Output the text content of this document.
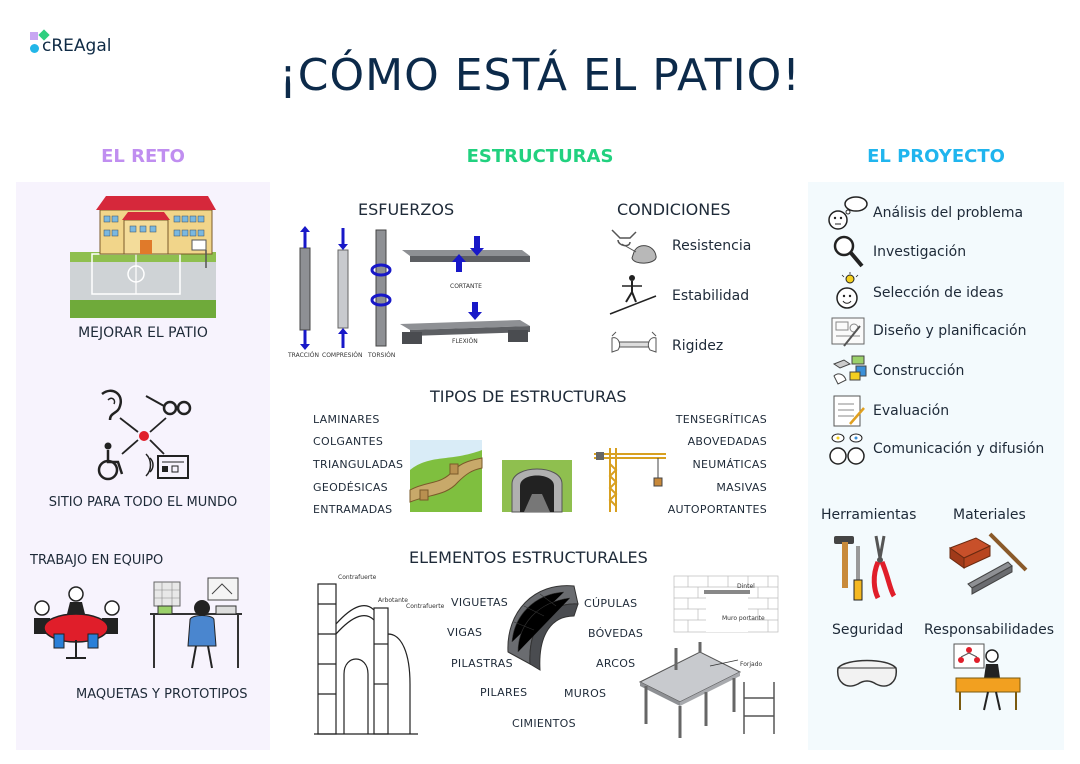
cREAgal
¡CÓMO ESTÁ EL PATIO!
EL RETO	ESTRUCTURAS	EL PROYECTO
MEJORAR EL PATIO
SITIO PARA TODO EL MUNDO
TRABAJO EN EQUIPO
MAQUETAS Y PROTOTIPOS
ESFUERZOS
TRACCIÓN COMPRESIÓN TORSIÓN
CORTANTE
FLEXIÓN
CONDICIONES
Resistencia
Estabilidad
Rigidez
TIPOS DE ESTRUCTURAS
LAMINARES
COLGANTES
TRIANGULADAS
GEODÉSICAS
ENTRAMADAS
TENSEGRÍTICAS
ABOVEDADAS
NEUMÁTICAS
MASIVAS
AUTOPORTANTES
ELEMENTOS ESTRUCTURALES
Contrafuerte
Arbotante
Contrafuerte VIGUETAS
VIGAS
PILASTRAS
PILARES
CÚPULAS
BÓVEDAS
ARCOS
MUROS
CIMIENTOS
Dintel
Muro portante
Forjado
Análisis del problema
Investigación
Selección de ideas
Diseño y planificación
Construcción
Evaluación
Comunicación y difusión
Herramientas	Materiales
Seguridad Responsabilidades
